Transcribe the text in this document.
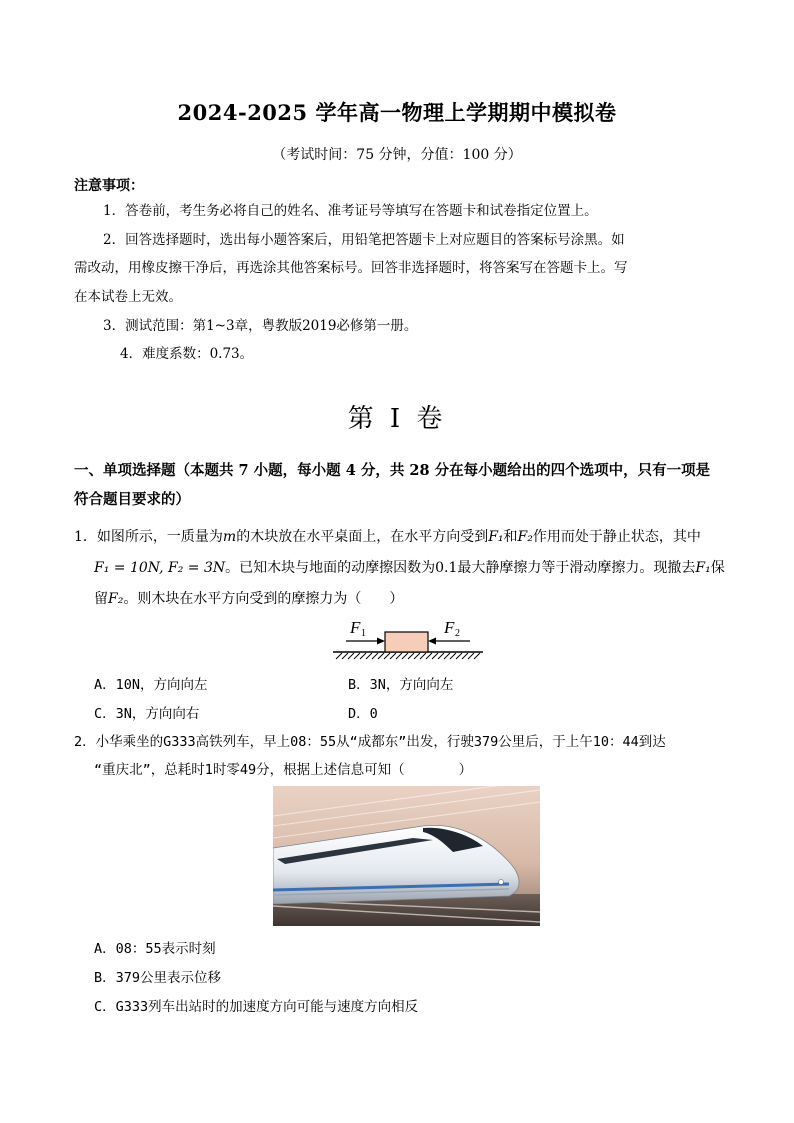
2024-2025 学年高一物理上学期期中模拟卷
（考试时间：75 分钟，分值：100 分）
注意事项：
1．答卷前，考生务必将自己的姓名、准考证号等填写在答题卡和试卷指定位置上。
2．回答选择题时，选出每小题答案后，用铅笔把答题卡上对应题目的答案标号涂黑。如
需改动，用橡皮擦干净后，再选涂其他答案标号。回答非选择题时，将答案写在答题卡上。写
在本试卷上无效。
3．测试范围：第1~3章，粤教版2019必修第一册。
4．难度系数：0.73。
第 I 卷
一、单项选择题（本题共 7 小题，每小题 4 分，共 28 分在每小题给出的四个选项中，只有一项是符合题目要求的）
1．如图所示，一质量为m的木块放在水平桌面上，在水平方向受到F₁和F₂作用而处于静止状态，其中
F₁ = 10N, F₂ = 3N。已知木块与地面的动摩擦因数为0.1最大静摩擦力等于滑动摩擦力。现撤去F₁保
留F₂。则木块在水平方向受到的摩擦力为（　　）
F 1	F 2
A．10N，方向向左	B．3N，方向向左
C．3N，方向向右	D．0
2．小华乘坐的G333高铁列车，早上08：55从“成都东”出发，行驶379公里后，于上午10：44到达
“重庆北”，总耗时1时零49分，根据上述信息可知（　　　　）
A．08：55表示时刻
B．379公里表示位移
C．G333列车出站时的加速度方向可能与速度方向相反
